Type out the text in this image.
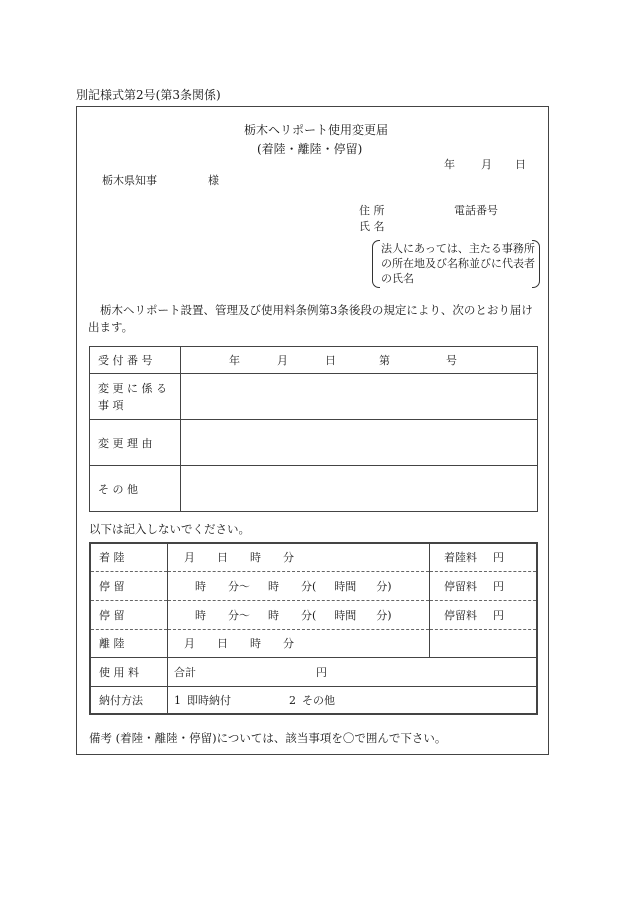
別記様式第2号(第3条関係)
栃木ヘリポート使用変更届
(着陸・離陸・停留)
年 月 日
栃木県知事	様
住 所	電話番号
氏 名
法人にあっては、主たる事務所の所在地及び名称並びに代表者の氏名
栃木ヘリポート設置、管理及び使用料条例第3条後段の規定により、次のとおり届け出ます。
受 付 番 号	年 月 日 第 号
変 更 に 係 る 事 項	
変 更 理 由	
そ の 他	
以下は記入しないでください。
着 陸	月 日 時 分	着陸料 円
停 留	時 分〜 時 分( 時間 分)	停留料 円
停 留	時 分〜 時 分( 時間 分)	停留料 円
離 陸	月 日 時 分	
使 用 料	合計 円	
納付方法	1 即時納付 2 その他	
備考 (着陸・離陸・停留)については、該当事項を〇で囲んで下さい。
